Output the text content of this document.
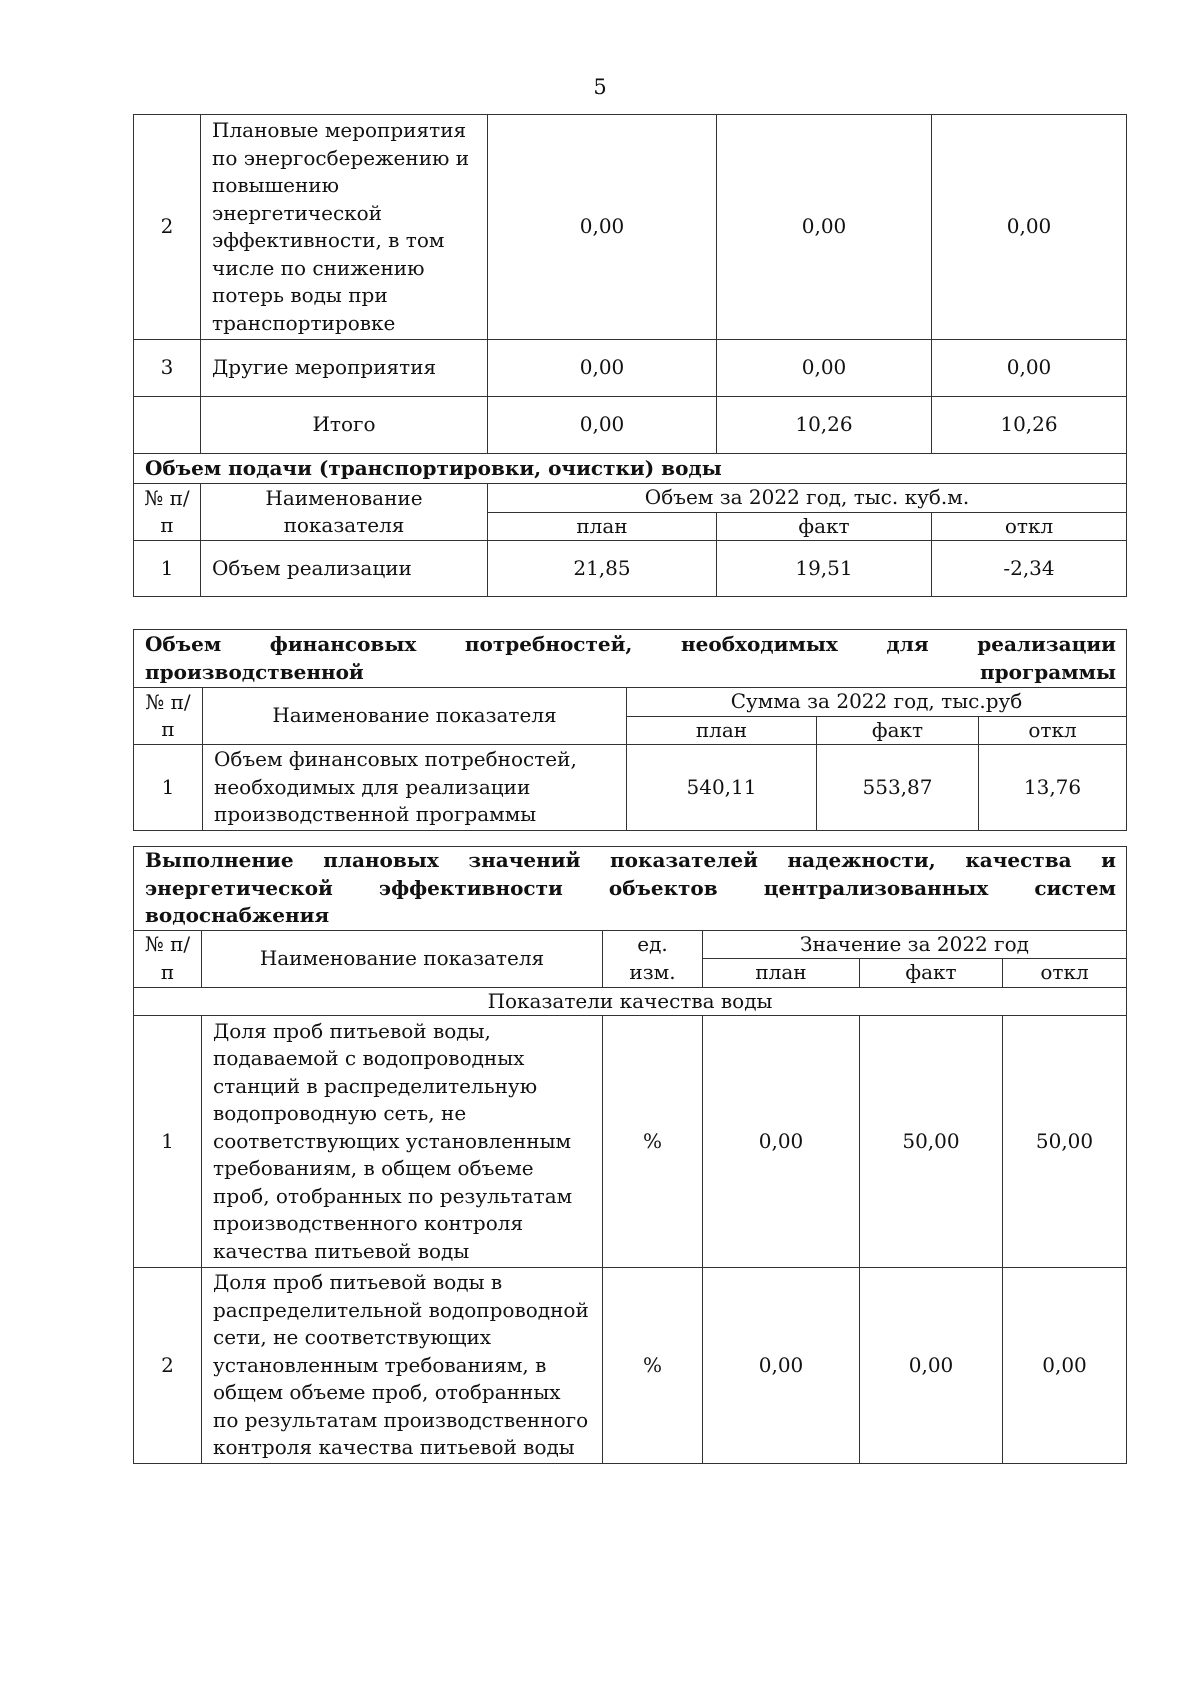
5
2	Плановые мероприятия по энергосбережению и повышению энергетической эффективности, в том числе по снижению потерь воды при транспортировке	0,00	0,00	0,00
3	Другие мероприятия	0,00	0,00	0,00
	Итого	0,00	10,26	10,26
Объем подачи (транспортировки, очистки) воды				
№ п/п	Наименование показателя	Объем за 2022 год, тыс. куб.м.		
		план	факт	откл
1	Объем реализации	21,85	19,51	-2,34
Объем финансовых потребностей, необходимых для реализации производственной программы				
№ п/п	Наименование показателя	Сумма за 2022 год, тыс.руб		
		план	факт	откл
1	Объем финансовых потребностей, необходимых для реализации производственной программы	540,11	553,87	13,76
Выполнение плановых значений показателей надежности, качества и энергетической эффективности объектов централизованных систем водоснабжения					
№ п/п	Наименование показателя	ед. изм.	Значение за 2022 год		
			план	факт	откл
Показатели качества воды					
1	Доля проб питьевой воды, подаваемой с водопроводных станций в распределительную водопроводную сеть, не соответствующих установленным требованиям, в общем объеме проб, отобранных по результатам производственного контроля качества питьевой воды	%	0,00	50,00	50,00
2	Доля проб питьевой воды в распределительной водопроводной сети, не соответствующих установленным требованиям, в общем объеме проб, отобранных по результатам производственного контроля качества питьевой воды	%	0,00	0,00	0,00
